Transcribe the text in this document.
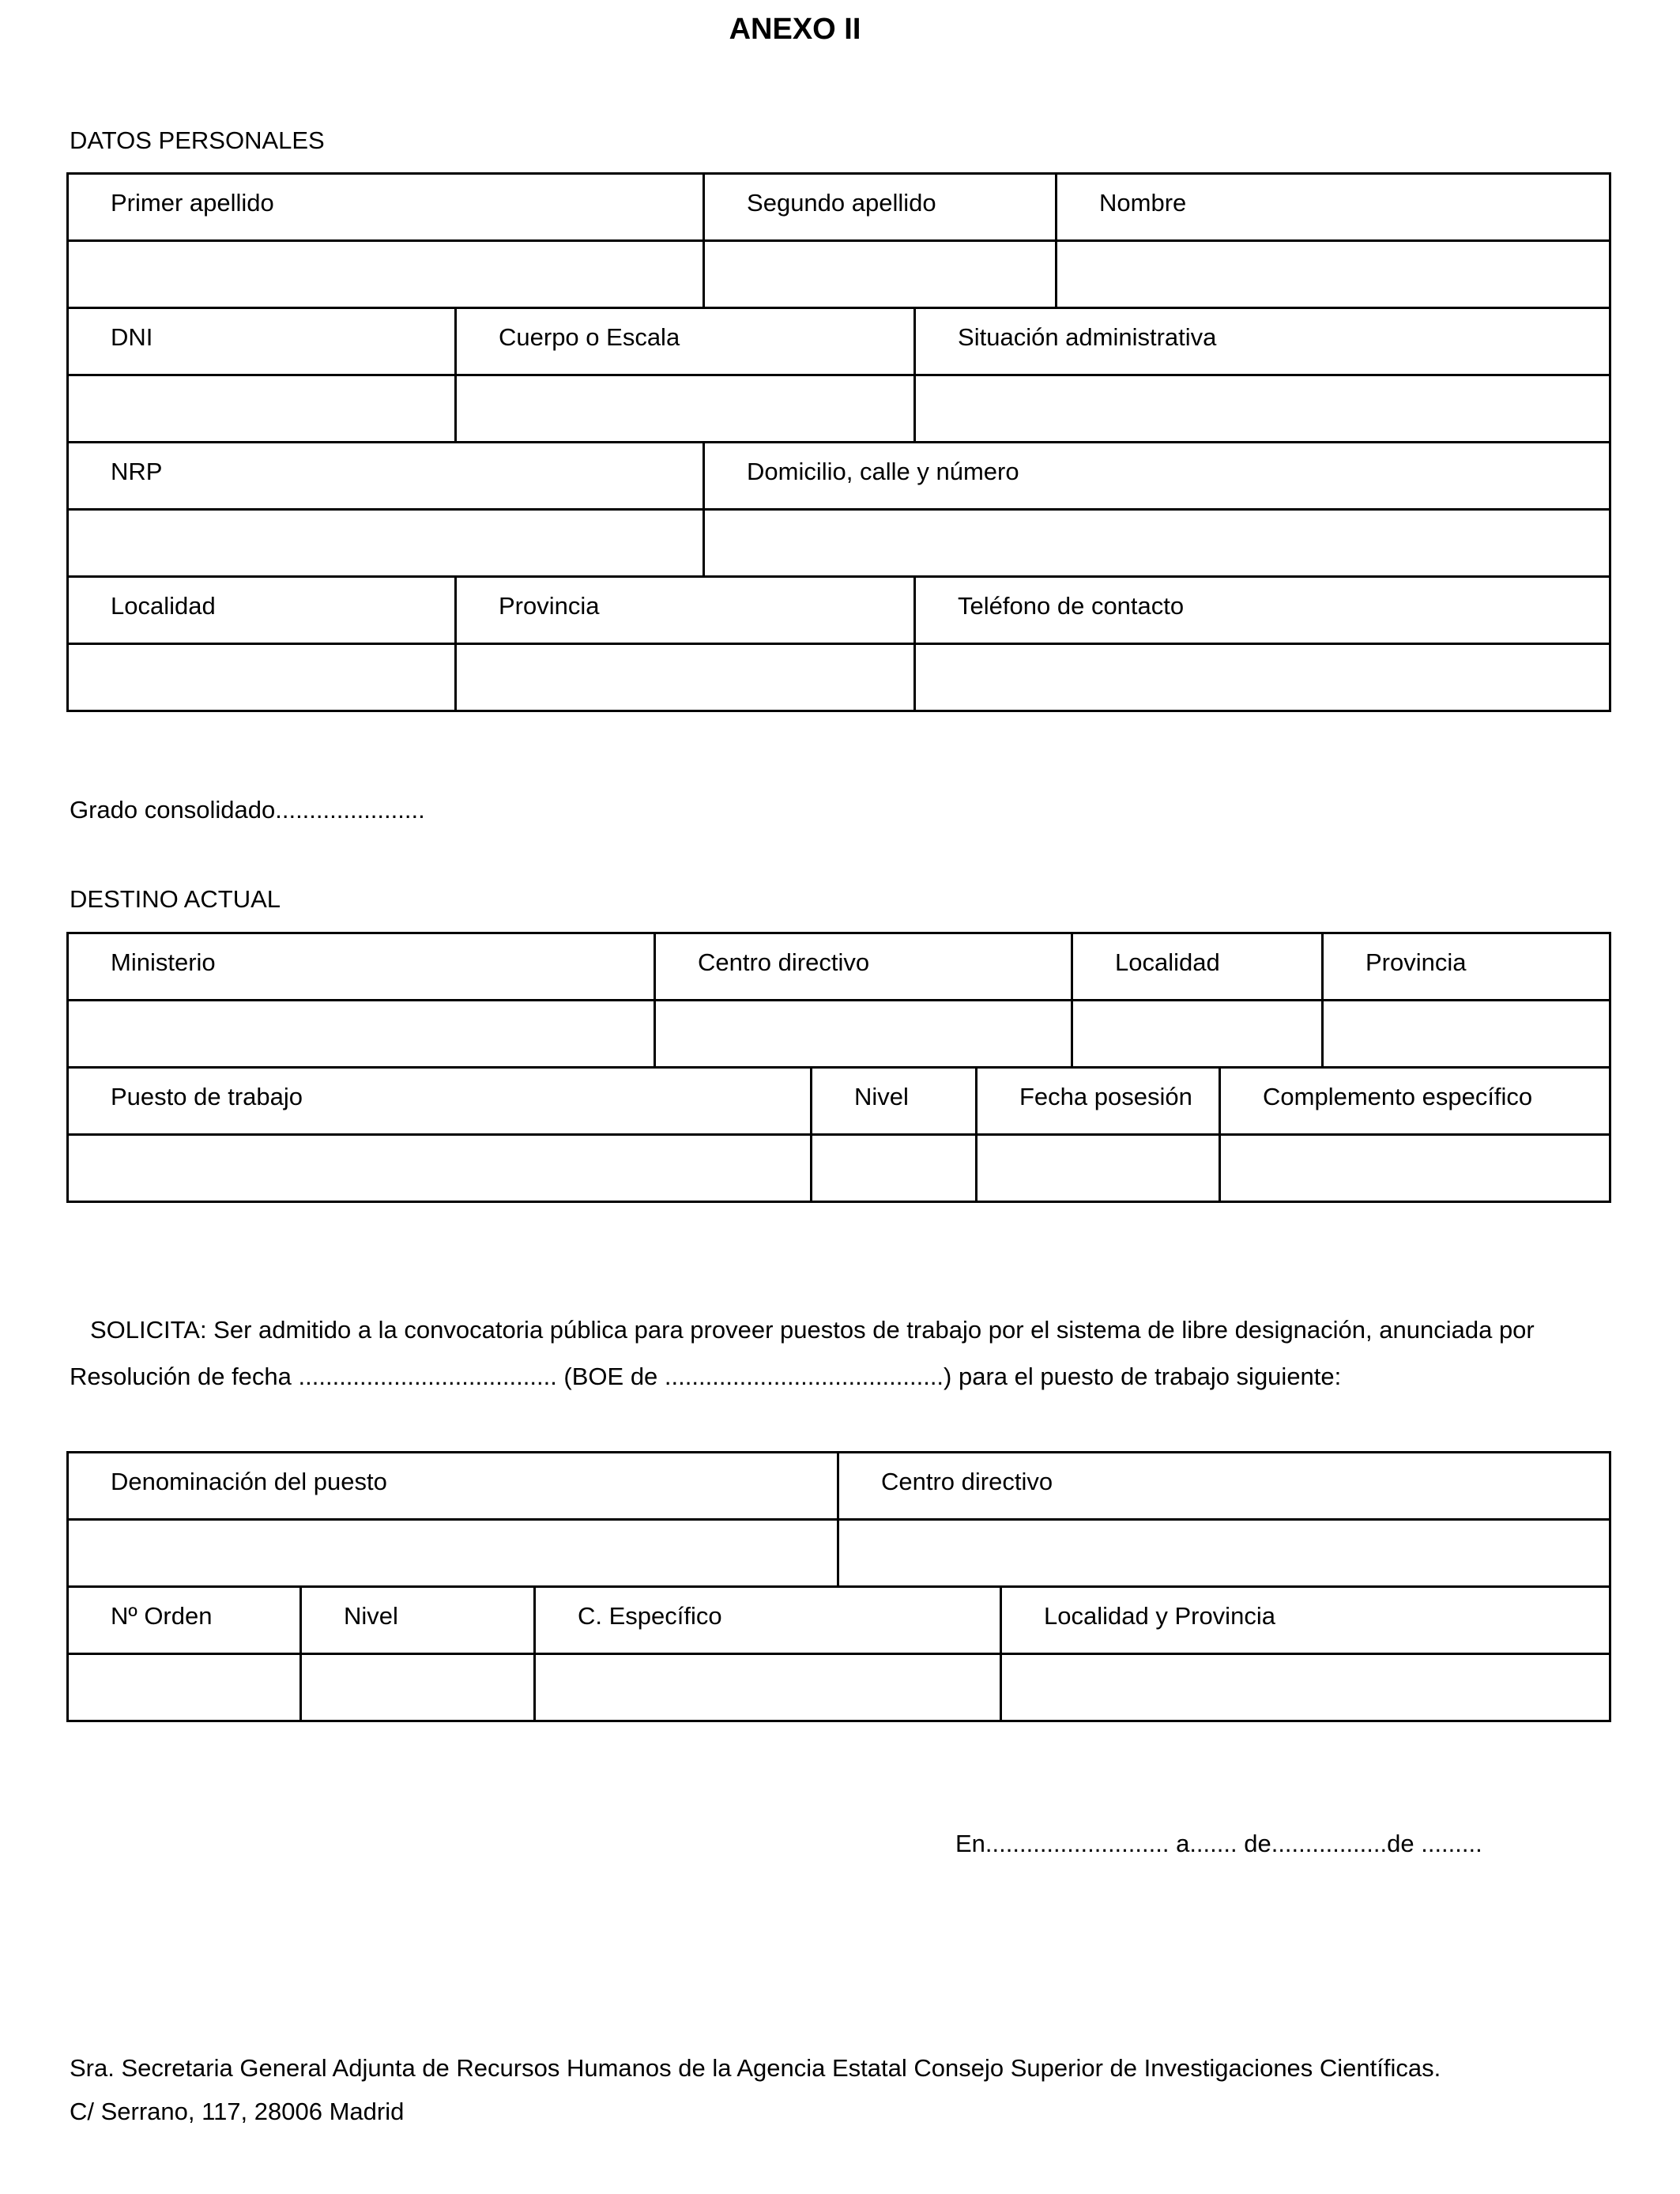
ANEXO II
DATOS PERSONALES
Primer apellido		Segundo apellido		Nombre

DNI	Cuerpo o Escala		Situación administrativa	

NRP		Domicilio, calle y número		

Localidad	Provincia		Teléfono de contacto	

Grado consolidado......................
DESTINO ACTUAL
Ministerio	Centro directivo			Localidad		Provincia

Puesto de trabajo		Nivel	Fecha posesión		Complemento específico	

SOLICITA: Ser admitido a la convocatoria pública para proveer puestos de trabajo por el sistema de libre designación, anunciada por Resolución de fecha ...................................... (BOE de .........................................) para el puesto de trabajo siguiente:
Denominación del puesto			Centro directivo	

Nº Orden	Nivel	C. Específico		Localidad y Provincia

En........................... a....... de.................de .........
Sra. Secretaria General Adjunta de Recursos Humanos de la Agencia Estatal Consejo Superior de Investigaciones Científicas.
C/ Serrano, 117, 28006 Madrid
